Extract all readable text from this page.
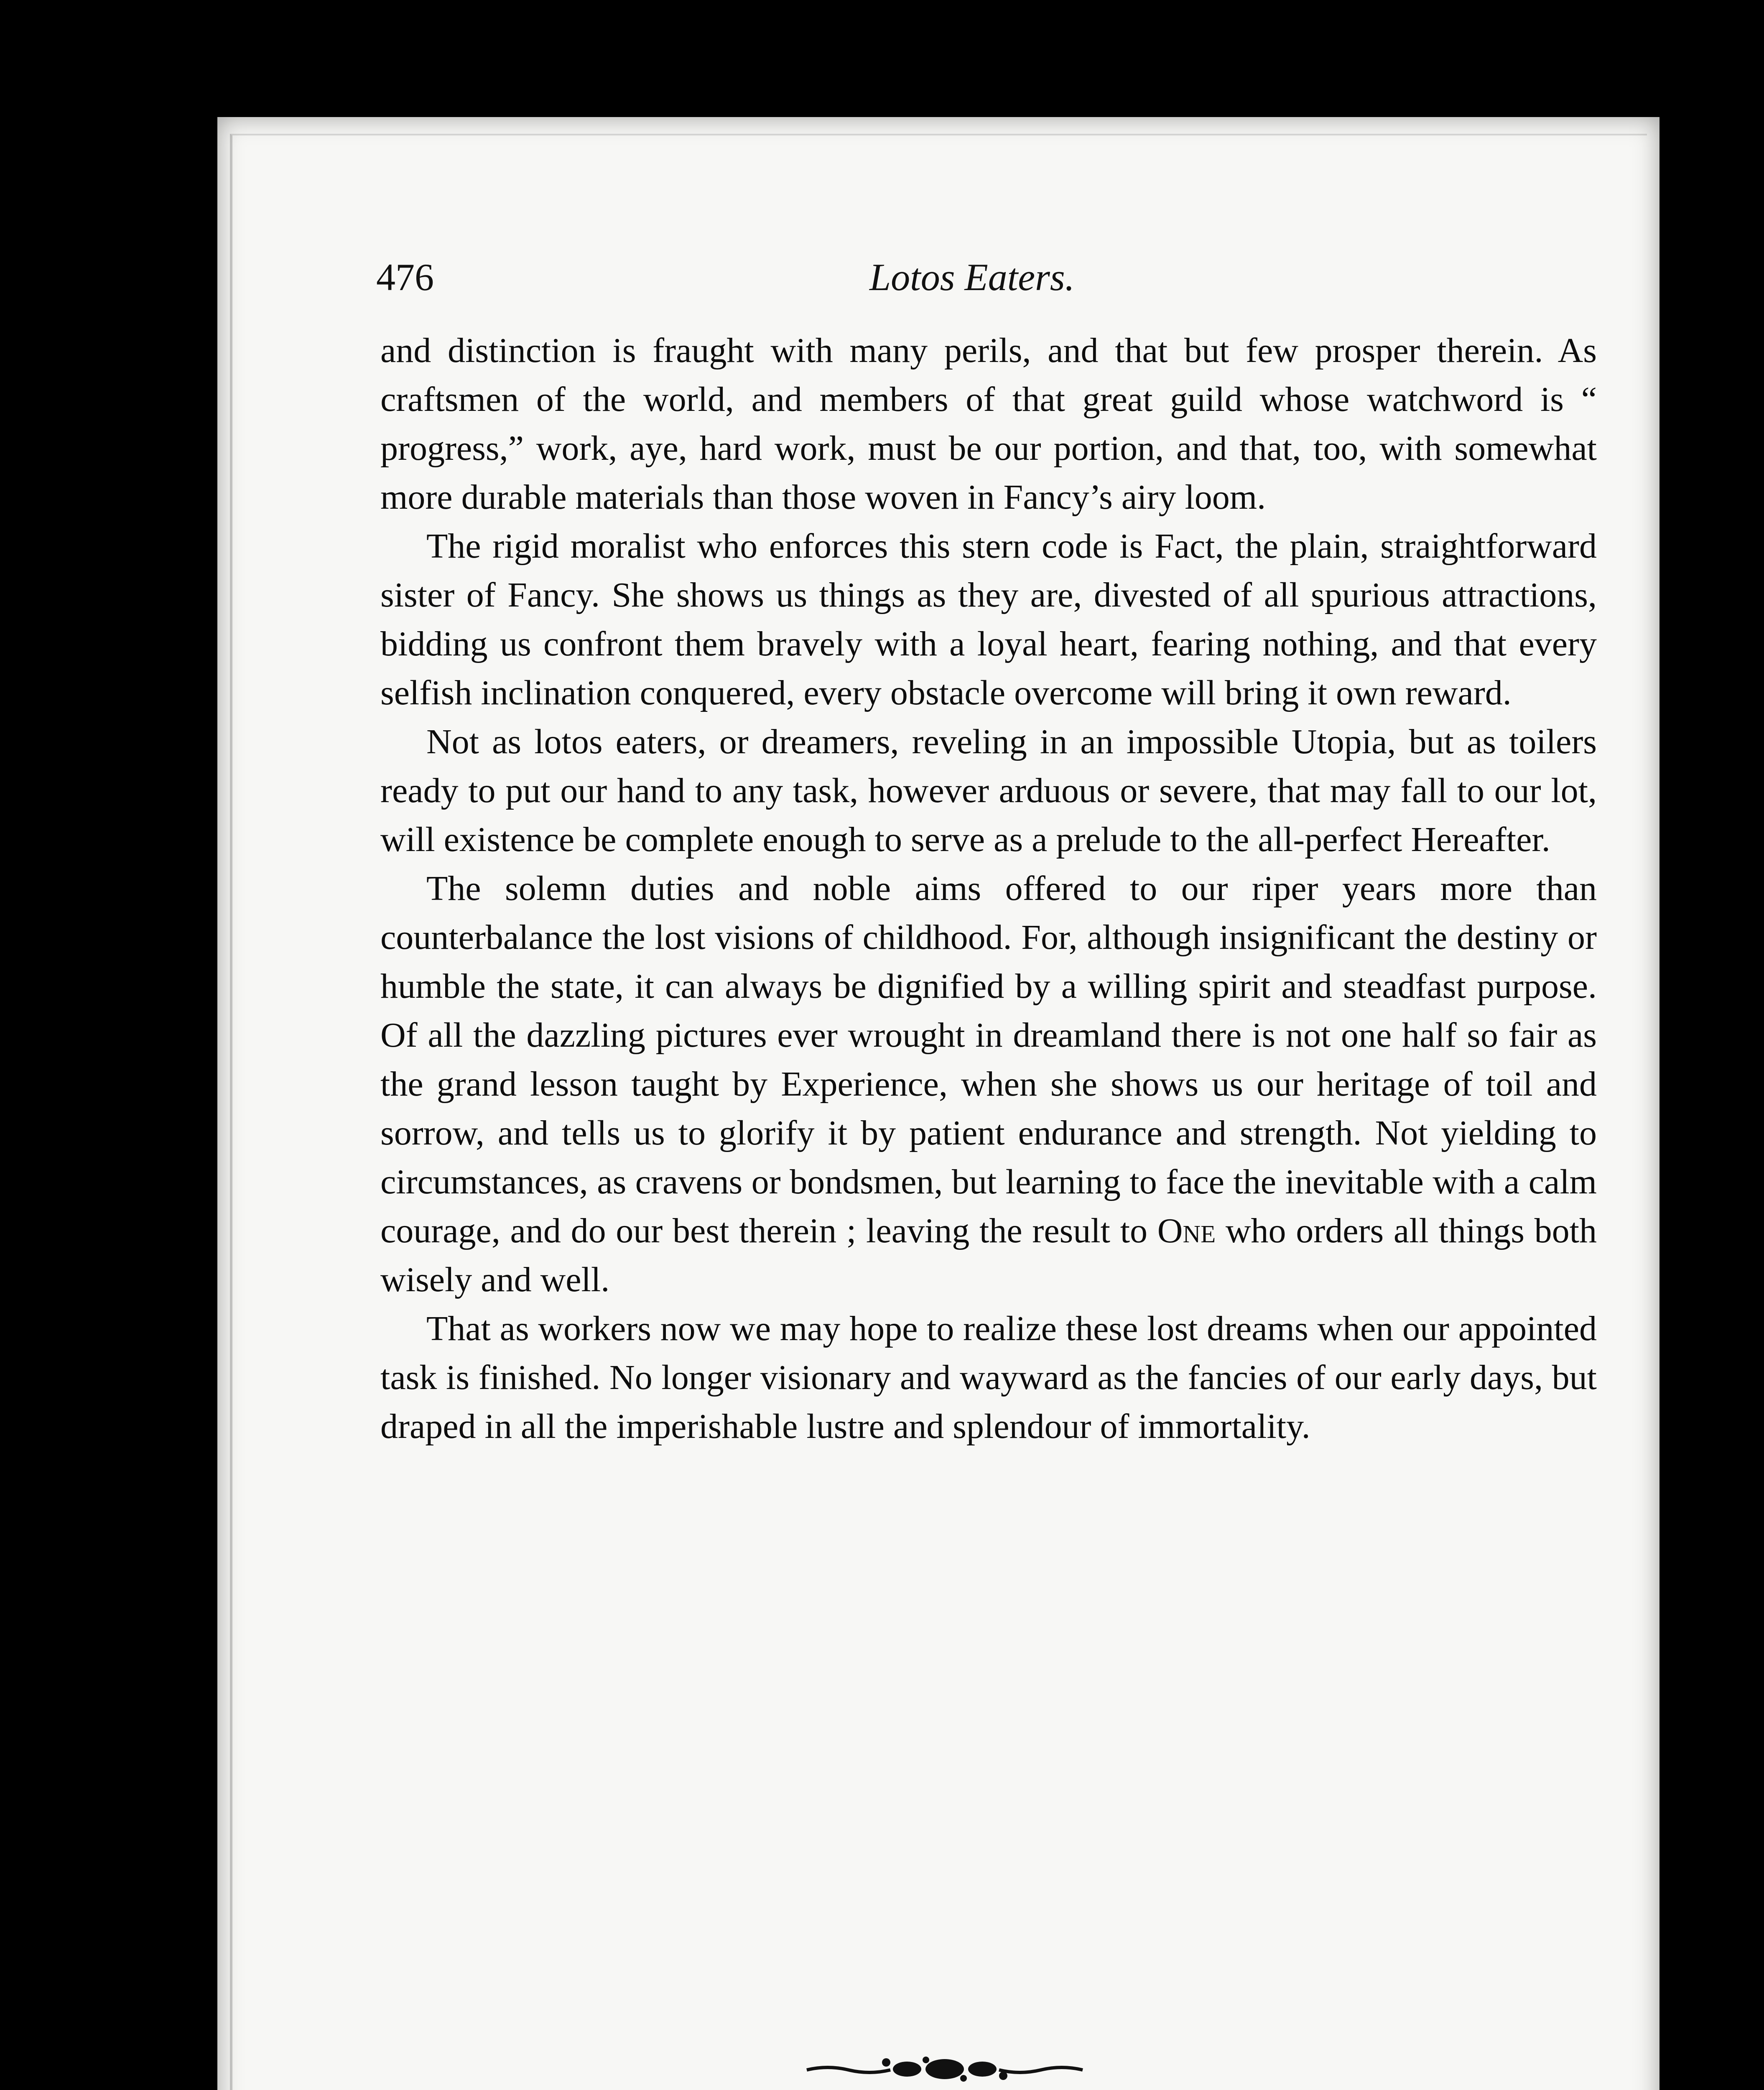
476	Lotos Eaters.

and distinction is fraught with many perils, and that but few prosper therein. As craftsmen of the world, and members of that great guild whose watchword is “ progress,” work, aye, hard work, must be our portion, and that, too, with somewhat more durable materials than those woven in Fancy’s airy loom.

The rigid moralist who enforces this stern code is Fact, the plain, straightforward sister of Fancy. She shows us things as they are, divested of all spurious attractions, bidding us confront them bravely with a loyal heart, fearing nothing, and that every selfish inclination conquered, every obstacle overcome will bring it own reward.

Not as lotos eaters, or dreamers, reveling in an impossible Utopia, but as toilers ready to put our hand to any task, however arduous or severe, that may fall to our lot, will existence be complete enough to serve as a prelude to the all-perfect Hereafter.

The solemn duties and noble aims offered to our riper years more than counterbalance the lost visions of childhood. For, although insignificant the destiny or humble the state, it can always be dignified by a willing spirit and steadfast purpose. Of all the dazzling pictures ever wrought in dreamland there is not one half so fair as the grand lesson taught by Experience, when she shows us our heritage of toil and sorrow, and tells us to glorify it by patient endurance and strength. Not yielding to circumstances, as cravens or bondsmen, but learning to face the inevitable with a calm courage, and do our best therein ; leaving the result to One who orders all things both wisely and well.

That as workers now we may hope to realize these lost dreams when our appointed task is finished. No longer visionary and wayward as the fancies of our early days, but draped in all the imperishable lustre and splendour of immortality.
